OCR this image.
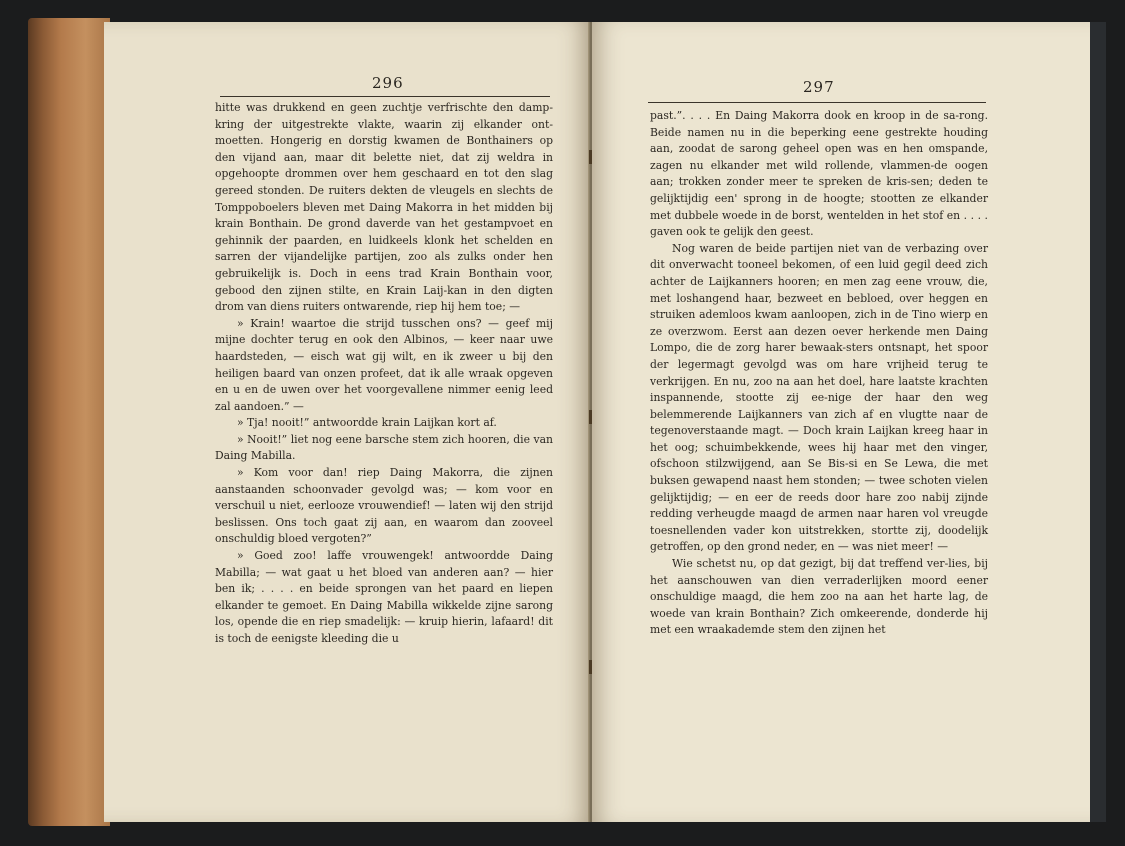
296	297

hitte was drukkend en geen zuchtje verfrischte den damp-kring der uitgestrekte vlakte, waarin zij elkander ont-moetten. Hongerig en dorstig kwamen de Bonthainers op den vijand aan, maar dit belette niet, dat zij weldra in opgehoopte drommen over hem geschaard en tot den slag gereed stonden. De ruiters dekten de vleugels en slechts de Tomppoboelers bleven met Daing Makorra in het midden bij krain Bonthain. De grond daverde van het gestampvoet en gehinnik der paarden, en luidkeels klonk het schelden en sarren der vijandelijke partijen, zoo als zulks onder hen gebruikelijk is. Doch in eens trad Krain Bonthain voor, gebood den zijnen stilte, en Krain Laij-kan in den digten drom van diens ruiters ontwarende, riep hij hem toe; —

» Krain! waartoe die strijd tusschen ons? — geef mij mijne dochter terug en ook den Albinos, — keer naar uwe haardsteden, — eisch wat gij wilt, en ik zweer u bij den heiligen baard van onzen profeet, dat ik alle wraak opgeven en u en de uwen over het voorgevallene nimmer eenig leed zal aandoen.” —

» Tja! nooit!” antwoordde krain Laijkan kort af.

» Nooit!” liet nog eene barsche stem zich hooren, die van Daing Mabilla.

» Kom voor dan! riep Daing Makorra, die zijnen aanstaanden schoonvader gevolgd was; — kom voor en verschuil u niet, eerlooze vrouwendief! — laten wij den strijd beslissen. Ons toch gaat zij aan, en waarom dan zooveel onschuldig bloed vergoten?”

» Goed zoo! laffe vrouwengek! antwoordde Daing Mabilla; — wat gaat u het bloed van anderen aan? — hier ben ik; . . . . en beide sprongen van het paard en liepen elkander te gemoet. En Daing Mabilla wikkelde zijne sarong los, opende die en riep smadelijk: — kruip hierin, lafaard! dit is toch de eenigste kleeding die u

past.”. . . . En Daing Makorra dook en kroop in de sa-rong. Beide namen nu in die beperking eene gestrekte houding aan, zoodat de sarong geheel open was en hen omspande, zagen nu elkander met wild rollende, vlammen-de oogen aan; trokken zonder meer te spreken de kris-sen; deden te gelijktijdig een' sprong in de hoogte; stootten ze elkander met dubbele woede in de borst, wentelden in het stof en . . . . gaven ook te gelijk den geest.

Nog waren de beide partijen niet van de verbazing over dit onverwacht tooneel bekomen, of een luid gegil deed zich achter de Laijkanners hooren; en men zag eene vrouw, die, met loshangend haar, bezweet en bebloed, over heggen en struiken ademloos kwam aanloopen, zich in de Tino wierp en ze overzwom. Eerst aan dezen oever herkende men Daing Lompo, die de zorg harer bewaak-sters ontsnapt, het spoor der legermagt gevolgd was om hare vrijheid terug te verkrijgen. En nu, zoo na aan het doel, hare laatste krachten inspannende, stootte zij ee-nige der haar den weg belemmerende Laijkanners van zich af en vlugtte naar de tegenoverstaande magt. — Doch krain Laijkan kreeg haar in het oog; schuimbekkende, wees hij haar met den vinger, ofschoon stilzwijgend, aan Se Bis-si en Se Lewa, die met buksen gewapend naast hem stonden; — twee schoten vielen gelijktijdig; — en eer de reeds door hare zoo nabij zijnde redding verheugde maagd de armen naar haren vol vreugde toesnellenden vader kon uitstrekken, stortte zij, doodelijk getroffen, op den grond neder, en — was niet meer! —

Wie schetst nu, op dat gezigt, bij dat treffend ver-lies, bij het aanschouwen van dien verraderlijken moord eener onschuldige maagd, die hem zoo na aan het harte lag, de woede van krain Bonthain? Zich omkeerende, donderde hij met een wraakademde stem den zijnen het
